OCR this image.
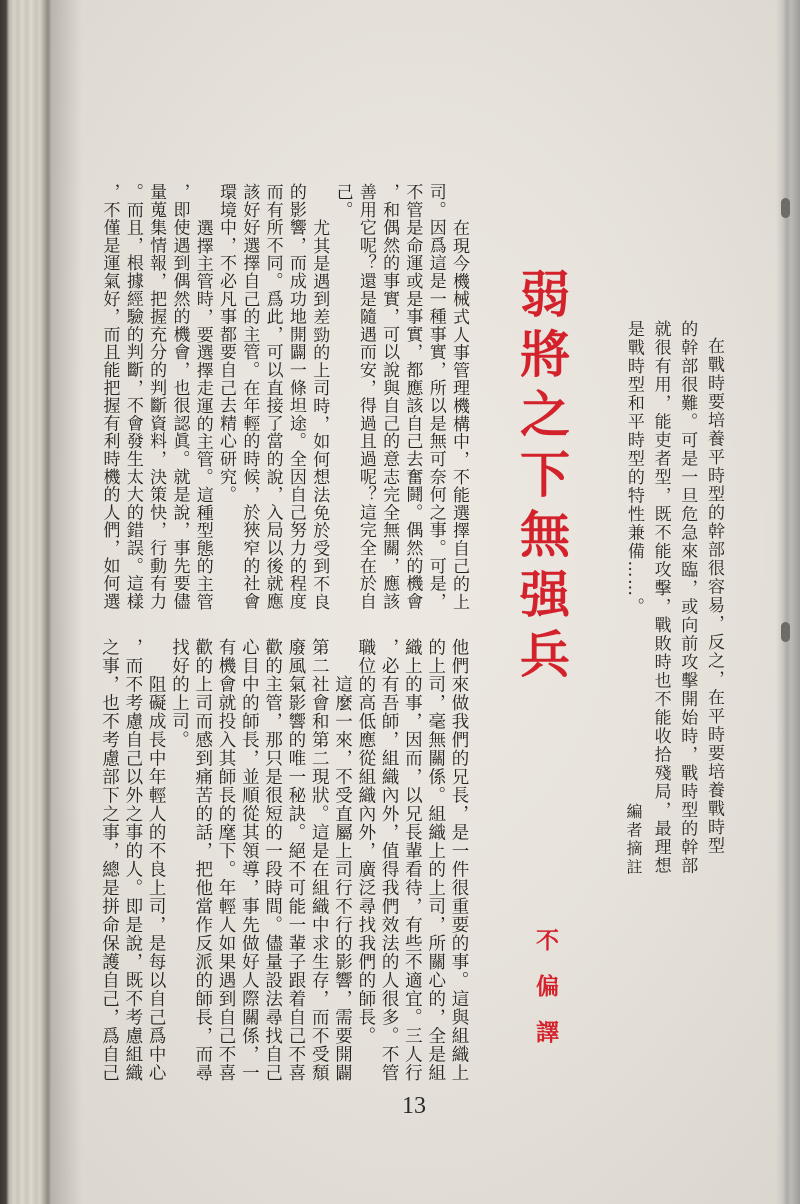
在戰時要培養平時型的幹部很容易，反之，在平時要培養戰時型
的幹部很難。可是一旦危急來臨，或向前攻擊開始時，戰時型的幹部
就很有用，能吏者型，既不能攻擊，戰敗時也不能收拾殘局，最理想
是戰時型和平時型的特性兼備……。
編者摘註
弱將之下無强兵
不偏譯
在現今機械式人事管理機構中，不能選擇自己的上
司。因爲這是一種事實，所以是無可奈何之事。可是，
不管是命運或是事實，都應該自己去奮鬪。偶然的機會
，和偶然的事實，可以說與自己的意志完全無關，應該
善用它呢？還是隨遇而安，得過且過呢？這完全在於自
己。
尤其是遇到差勁的上司時，如何想法免於受到不良
的影響，而成功地開闢一條坦途。全因自己努力的程度
而有所不同。爲此，可以直接了當的說，入局以後就應
該好好選擇自己的主管。在年輕的時候，於狹窄的社會
環境中，不必凡事都要自己去精心研究。
選擇主管時，要選擇走運的主管。這種型態的主管
，即使遇到偶然的機會，也很認眞。就是說，事先要儘
量蒐集情報，把握充分的判斷資料，決策快，行動有力
。而且，根據經驗的判斷，不會發生太大的錯誤。這樣
，不僅是運氣好，而且能把握有利時機的人們，如何選
他們來做我們的兄長，是一件很重要的事。這與組織上
的上司，毫無關係。組織上的上司，所關心的，全是組
織上的事，因而，以兄長輩看待，有些不適宜。三人行
，必有吾師，組織內外，值得我們效法的人很多。不管
職位的高低應從組織內外，廣泛尋找我們的師長。
這麼一來，不受直屬上司行不行的影響，需要開闢
第二社會和第二現狀。這是在組織中求生存，而不受頹
廢風氣影響的唯一秘訣。絕不可能一輩子跟着自己不喜
歡的主管，那只是很短的一段時間。儘量設法尋找自己
心目中的師長，並順從其領導，事先做好人際關係，一
有機會就投入其師長的麾下。年輕人如果遇到自己不喜
歡的上司而感到痛苦的話，把他當作反派的師長，而尋
找好的上司。
阻礙成長中年輕人的不良上司，是每以自己爲中心
，而不考慮自己以外之事的人。即是說，既不考慮組織
之事，也不考慮部下之事，總是拼命保護自己，爲自己
13
